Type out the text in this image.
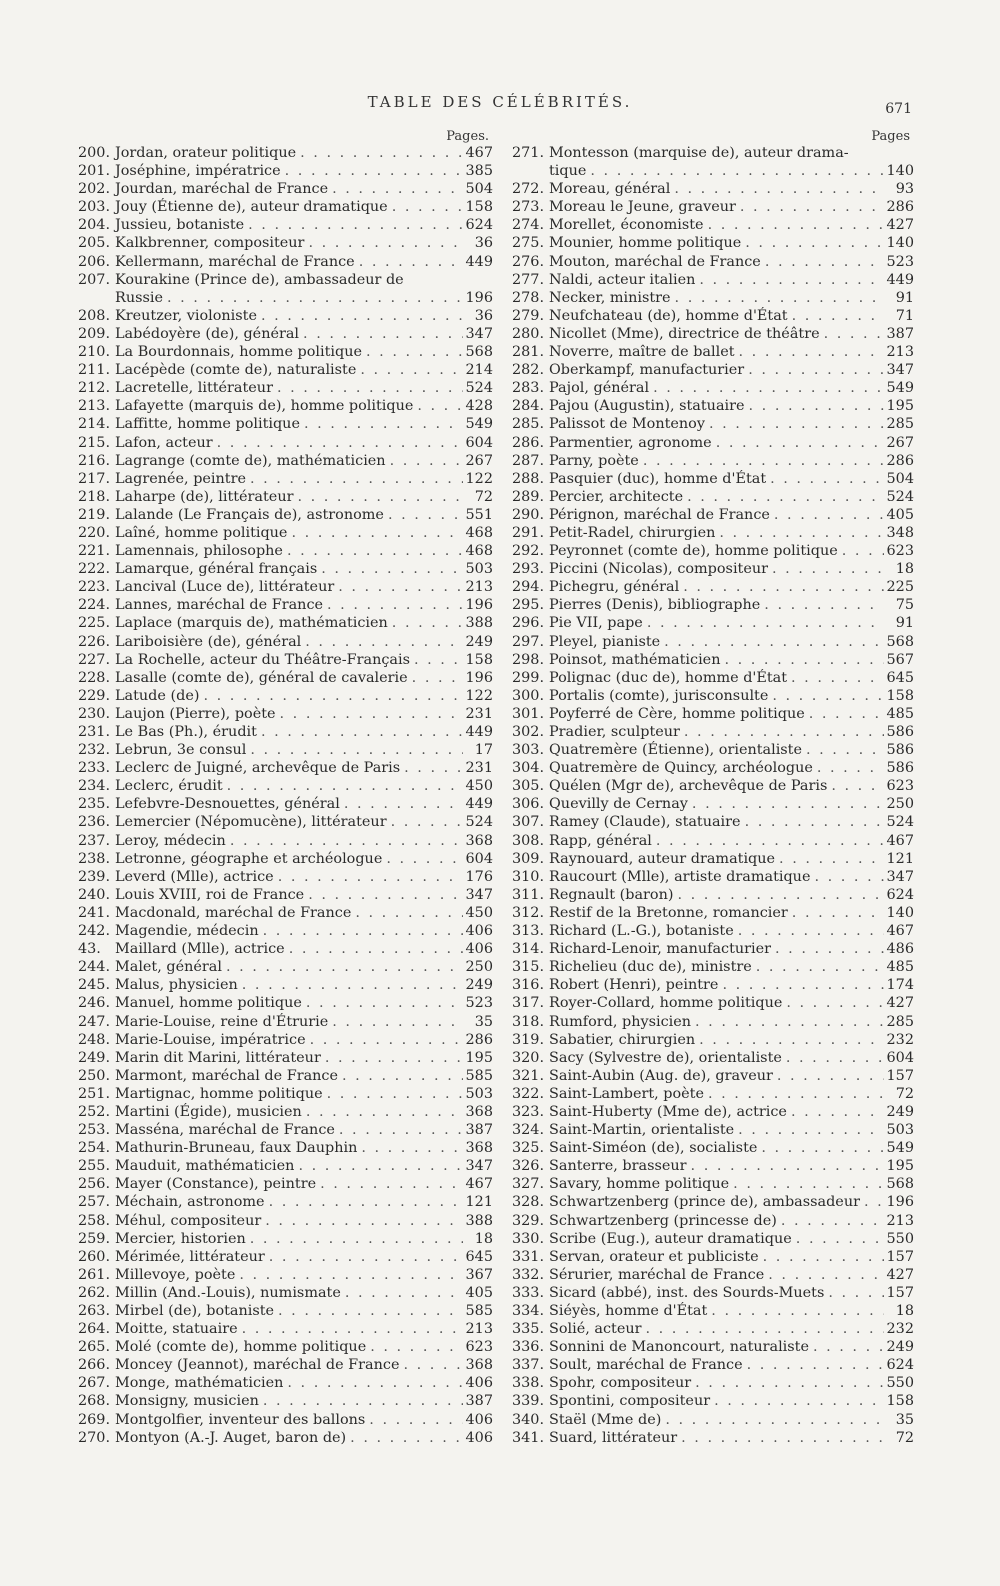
TABLE DES CÉLÉBRITÉS.	671
Pages.
200. Jordan, orateur politique . . .	467
201. Joséphine, impératrice . . .	385
202. Jourdan, maréchal de France . . .	504
203. Jouy (Étienne de), auteur dramatique . . .	158
204. Jussieu, botaniste . . .	624
205. Kalkbrenner, compositeur . . .	36
206. Kellermann, maréchal de France . . .	449
207. Kourakine (Prince de), ambassadeur de
Russie . . .	196
208. Kreutzer, violoniste . . .	36
209. Labédoyère (de), général . . .	347
210. La Bourdonnais, homme politique . . .	568
211. Lacépède (comte de), naturaliste . . .	214
212. Lacretelle, littérateur . . .	524
213. Lafayette (marquis de), homme politique . . .	428
214. Laffitte, homme politique . . .	549
215. Lafon, acteur . . .	604
216. Lagrange (comte de), mathématicien . . .	267
217. Lagrenée, peintre . . .	122
218. Laharpe (de), littérateur . . .	72
219. Lalande (Le Français de), astronome . . .	551
220. Laîné, homme politique . . .	468
221. Lamennais, philosophe . . .	468
222. Lamarque, général français . . .	503
223. Lancival (Luce de), littérateur . . .	213
224. Lannes, maréchal de France . . .	196
225. Laplace (marquis de), mathématicien . . .	388
226. Lariboisière (de), général . . .	249
227. La Rochelle, acteur du Théâtre-Français . . .	158
228. Lasalle (comte de), général de cavalerie . . .	196
229. Latude (de) . . .	122
230. Laujon (Pierre), poète . . .	231
231. Le Bas (Ph.), érudit . . .	449
232. Lebrun, 3e consul . . .	17
233. Leclerc de Juigné, archevêque de Paris . . .	231
234. Leclerc, érudit . . .	450
235. Lefebvre-Desnouettes, général . . .	449
236. Lemercier (Népomucène), littérateur . . .	524
237. Leroy, médecin . . .	368
238. Letronne, géographe et archéologue . . .	604
239. Leverd (Mlle), actrice . . .	176
240. Louis XVIII, roi de France . . .	347
241. Macdonald, maréchal de France . . .	450
242. Magendie, médecin . . .	406
43. Maillard (Mlle), actrice . . .	406
244. Malet, général . . .	250
245. Malus, physicien . . .	249
246. Manuel, homme politique . . .	523
247. Marie-Louise, reine d'Étrurie . . .	35
248. Marie-Louise, impératrice . . .	286
249. Marin dit Marini, littérateur . . .	195
250. Marmont, maréchal de France . . .	585
251. Martignac, homme politique . . .	503
252. Martini (Égide), musicien . . .	368
253. Masséna, maréchal de France . . .	387
254. Mathurin-Bruneau, faux Dauphin . . .	368
255. Mauduit, mathématicien . . .	347
256. Mayer (Constance), peintre . . .	467
257. Méchain, astronome . . .	121
258. Méhul, compositeur . . .	388
259. Mercier, historien . . .	18
260. Mérimée, littérateur . . .	645
261. Millevoye, poète . . .	367
262. Millin (And.-Louis), numismate . . .	405
263. Mirbel (de), botaniste . . .	585
264. Moitte, statuaire . . .	213
265. Molé (comte de), homme politique . . .	623
266. Moncey (Jeannot), maréchal de France . . .	368
267. Monge, mathématicien . . .	406
268. Monsigny, musicien . . .	387
269. Montgolfier, inventeur des ballons . . .	406
270. Montyon (A.-J. Auget, baron de) . . .	406
Pages
271. Montesson (marquise de), auteur drama-
tique . . .	140
272. Moreau, général . . .	93
273. Moreau le Jeune, graveur . . .	286
274. Morellet, économiste . . .	427
275. Mounier, homme politique . . .	140
276. Mouton, maréchal de France . . .	523
277. Naldi, acteur italien . . .	449
278. Necker, ministre . . .	91
279. Neufchateau (de), homme d'État . . .	71
280. Nicollet (Mme), directrice de théâtre . . .	387
281. Noverre, maître de ballet . . .	213
282. Oberkampf, manufacturier . . .	347
283. Pajol, général . . .	549
284. Pajou (Augustin), statuaire . . .	195
285. Palissot de Montenoy . . .	285
286. Parmentier, agronome . . .	267
287. Parny, poète . . .	286
288. Pasquier (duc), homme d'État . . .	504
289. Percier, architecte . . .	524
290. Pérignon, maréchal de France . . .	405
291. Petit-Radel, chirurgien . . .	348
292. Peyronnet (comte de), homme politique . . .	623
293. Piccini (Nicolas), compositeur . . .	18
294. Pichegru, général . . .	225
295. Pierres (Denis), bibliographe . . .	75
296. Pie VII, pape . . .	91
297. Pleyel, pianiste . . .	568
298. Poinsot, mathématicien . . .	567
299. Polignac (duc de), homme d'État . . .	645
300. Portalis (comte), jurisconsulte . . .	158
301. Poyferré de Cère, homme politique . . .	485
302. Pradier, sculpteur . . .	586
303. Quatremère (Étienne), orientaliste . . .	586
304. Quatremère de Quincy, archéologue . . .	586
305. Quélen (Mgr de), archevêque de Paris . . .	623
306. Quevilly de Cernay . . .	250
307. Ramey (Claude), statuaire . . .	524
308. Rapp, général . . .	467
309. Raynouard, auteur dramatique . . .	121
310. Raucourt (Mlle), artiste dramatique . . .	347
311. Regnault (baron) . . .	624
312. Restif de la Bretonne, romancier . . .	140
313. Richard (L.-G.), botaniste . . .	467
314. Richard-Lenoir, manufacturier . . .	486
315. Richelieu (duc de), ministre . . .	485
316. Robert (Henri), peintre . . .	174
317. Royer-Collard, homme politique . . .	427
318. Rumford, physicien . . .	285
319. Sabatier, chirurgien . . .	232
320. Sacy (Sylvestre de), orientaliste . . .	604
321. Saint-Aubin (Aug. de), graveur . . .	157
322. Saint-Lambert, poète . . .	72
323. Saint-Huberty (Mme de), actrice . . .	249
324. Saint-Martin, orientaliste . . .	503
325. Saint-Siméon (de), socialiste . . .	549
326. Santerre, brasseur . . .	195
327. Savary, homme politique . . .	568
328. Schwartzenberg (prince de), ambassadeur . . . 196
329. Schwartzenberg (princesse de) . . .	213
330. Scribe (Eug.), auteur dramatique . . .	550
331. Servan, orateur et publiciste . . .	157
332. Sérurier, maréchal de France . . .	427
333. Sicard (abbé), inst. des Sourds-Muets . . .	157
334. Siéyès, homme d'État . . .	18
335. Solié, acteur . . .	232
336. Sonnini de Manoncourt, naturaliste . . .	249
337. Soult, maréchal de France . . .	624
338. Spohr, compositeur . . .	550
339. Spontini, compositeur . . .	158
340. Staël (Mme de) . . .	35
341. Suard, littérateur . . .	72
